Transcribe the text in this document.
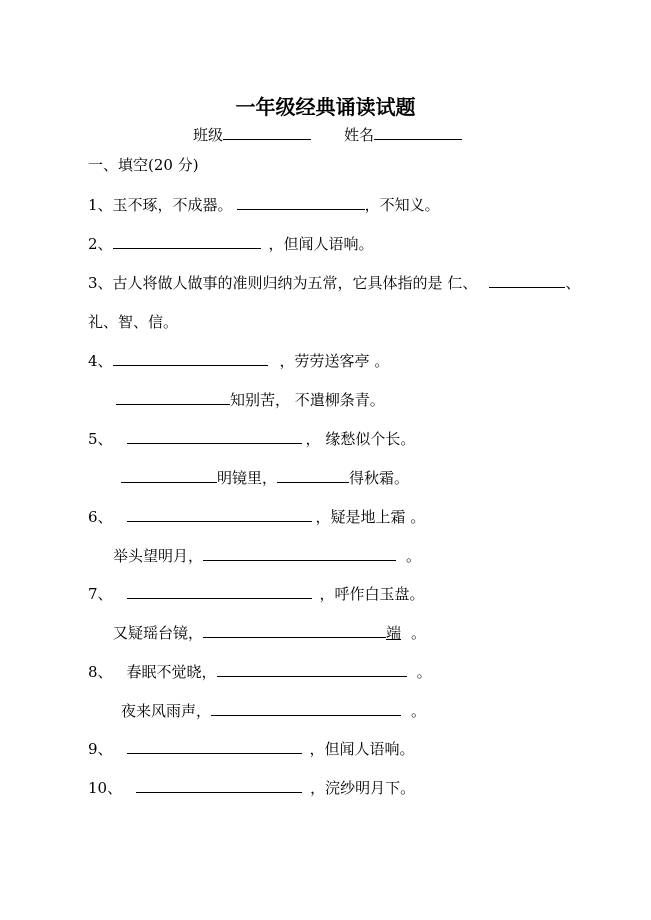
一年级经典诵读试题
班级	姓名
一、填空(20 分)
1、玉不琢，不成器。	，不知义。
2、	，但闻人语响。
3、古人将做人做事的准则归纳为五常，它具体指的是 仁、	、
礼、智、信。
4、	，劳劳送客亭 。
知别苦， 不遣柳条青。
5、	， 缘愁似个长。
明镜里，	得秋霜。
6、	，疑是地上霜 。
举头望明月，	。
7、	，呼作白玉盘。
又疑瑶台镜，	端 。
8、 春眠不觉晓，	。
夜来风雨声，	。
9、	，但闻人语响。
10、	，浣纱明月下。
